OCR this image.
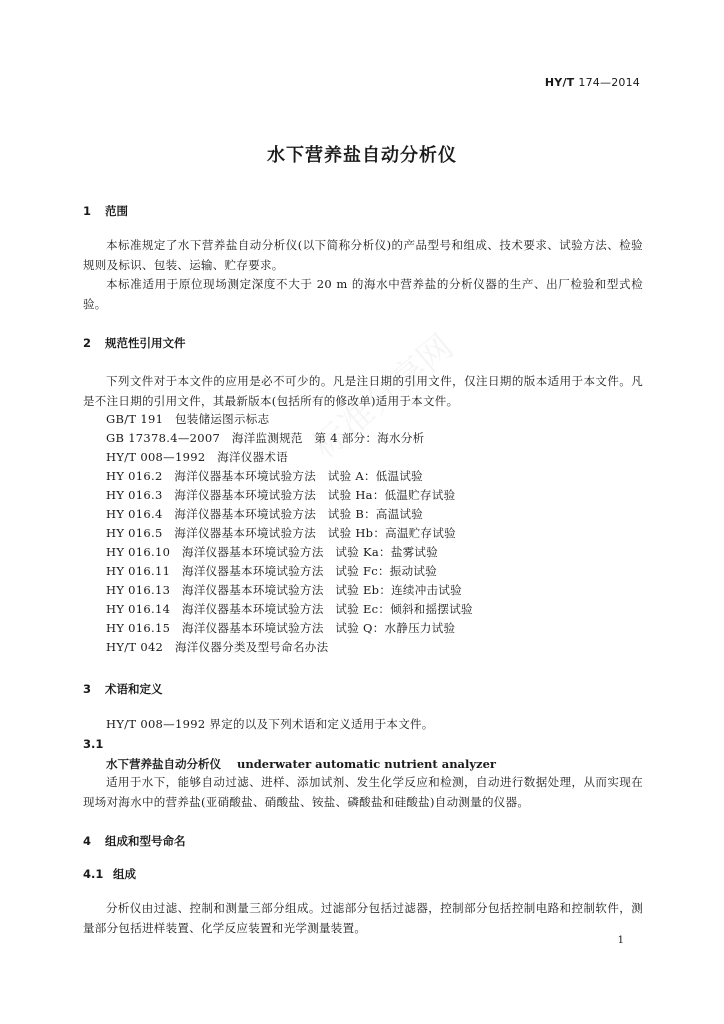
HY/T 174—2014
水下营养盐自动分析仪
1 范围

本标准规定了水下营养盐自动分析仪(以下简称分析仪)的产品型号和组成、技术要求、试验方法、检验规则及标识、包装、运输、贮存要求。

本标准适用于原位现场测定深度不大于 20 m 的海水中营养盐的分析仪器的生产、出厂检验和型式检验。

2 规范性引用文件

下列文件对于本文件的应用是必不可少的。凡是注日期的引用文件，仅注日期的版本适用于本文件。凡是不注日期的引用文件，其最新版本(包括所有的修改单)适用于本文件。

GB/T 191　包装储运图示标志
GB 17378.4—2007　海洋监测规范　第 4 部分：海水分析
HY/T 008—1992　海洋仪器术语
HY 016.2　海洋仪器基本环境试验方法　试验 A：低温试验
HY 016.3　海洋仪器基本环境试验方法　试验 Ha：低温贮存试验
HY 016.4　海洋仪器基本环境试验方法　试验 B：高温试验
HY 016.5　海洋仪器基本环境试验方法　试验 Hb：高温贮存试验
HY 016.10　海洋仪器基本环境试验方法　试验 Ka：盐雾试验
HY 016.11　海洋仪器基本环境试验方法　试验 Fc：振动试验
HY 016.13　海洋仪器基本环境试验方法　试验 Eb：连续冲击试验
HY 016.14　海洋仪器基本环境试验方法　试验 Ec：倾斜和摇摆试验
HY 016.15　海洋仪器基本环境试验方法　试验 Q：水静压力试验
HY/T 042　海洋仪器分类及型号命名办法
3 术语和定义

HY/T 008—1992 界定的以及下列术语和定义适用于本文件。

3.1
水下营养盐自动分析仪 underwater automatic nutrient analyzer

适用于水下，能够自动过滤、进样、添加试剂、发生化学反应和检测，自动进行数据处理，从而实现在现场对海水中的营养盐(亚硝酸盐、硝酸盐、铵盐、磷酸盐和硅酸盐)自动测量的仪器。

4 组成和型号命名
4.1 组成

分析仪由过滤、控制和测量三部分组成。过滤部分包括过滤器，控制部分包括控制电路和控制软件，测量部分包括进样装置、化学反应装置和光学测量装置。

1
